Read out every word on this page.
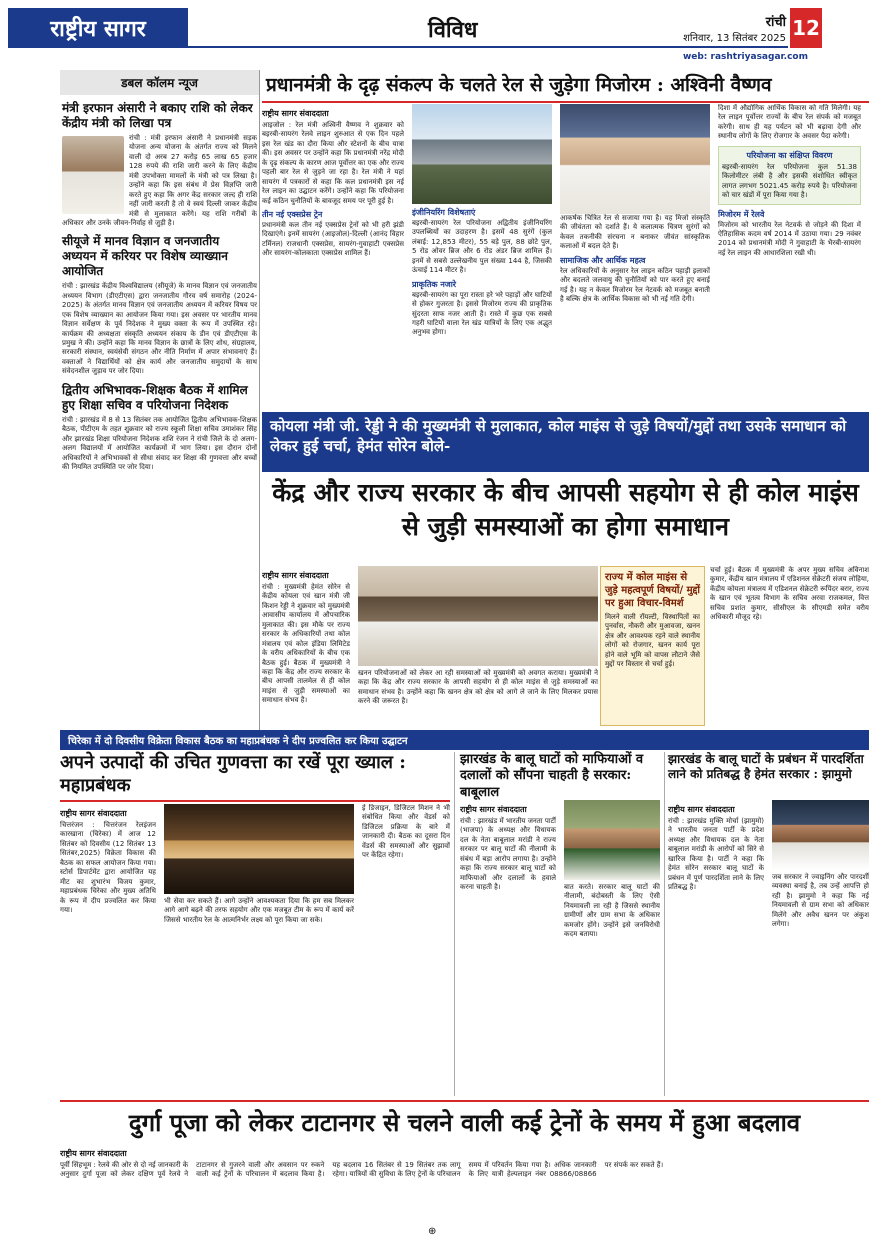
राष्ट्रीय सागर	विविध	रांची
शनिवार, 13 सितंबर 2025
web: rashtriyasagar.com
12
डबल कॉलम न्यूज
मंत्री इरफान अंसारी ने बकाए राशि को लेकर केंद्रीय मंत्री को लिखा पत्र

रांची : मंत्री इरफान अंसारी ने प्रधानमंत्री सड़क योजना अन्य योजना के अंतर्गत राज्य को मिलने वाली दो अरब 27 करोड़ 65 लाख 65 हजार 128 रुपये की राशि जारी करने के लिए केंद्रीय मंत्री उपभोक्ता मामलों के मंत्री को पत्र लिखा है। उन्होंने कहा कि इस संबंध में प्रेस विज्ञप्ति जारी करते हुए कहा कि अगर केंद्र सरकार जल्द ही राशि नहीं जारी करती है तो वे स्वयं दिल्ली जाकर केंद्रीय मंत्री से मुलाकात करेंगे। यह राशि गरीबों के अधिकार और उनके जीवन-निर्वाह से जुड़ी है।

सीयूजे में मानव विज्ञान व जनजातीय अध्ययन में करियर पर विशेष व्याख्यान आयोजित

रांची : झारखंड केंद्रीय विश्वविद्यालय (सीयूजे) के मानव विज्ञान एवं जनजातीय अध्ययन विभाग (डीएटीएस) द्वारा जनजातीय गौरव वर्ष समारोह (2024-2025) के अंतर्गत मानव विज्ञान एवं जनजातीय अध्ययन में करियर विषय पर एक विशेष व्याख्यान का आयोजन किया गया। इस अवसर पर भारतीय मानव विज्ञान सर्वेक्षण के पूर्व निदेशक ने मुख्य वक्ता के रूप में उपस्थित रहे। कार्यक्रम की अध्यक्षता संस्कृति अध्ययन संकाय के डीन एवं डीएटीएस के प्रमुख ने की। उन्होंने कहा कि मानव विज्ञान के छात्रों के लिए शोध, संग्रहालय, सरकारी संस्थान, स्वयंसेवी संगठन और नीति निर्माण में अपार संभावनाएं हैं। वक्ताओं ने विद्यार्थियों को क्षेत्र कार्य और जनजातीय समुदायों के साथ संवेदनशील जुड़ाव पर जोर दिया।

द्वितीय अभिभावक-शिक्षक बैठक में शामिल हुए शिक्षा सचिव व परियोजना निदेशक

रांची : झारखंड में 8 से 13 सितंबर तक आयोजित द्वितीय अभिभावक-शिक्षक बैठक, पीटीएम के तहत शुक्रवार को राज्य स्कूली शिक्षा सचिव उमाशंकर सिंह और झारखंड शिक्षा परियोजना निदेशक शशि रंजन ने रांची जिले के दो अलग-अलग विद्यालयों में आयोजित कार्यक्रमों में भाग लिया। इस दौरान दोनों अधिकारियों ने अभिभावकों से सीधा संवाद कर शिक्षा की गुणवत्ता और बच्चों की नियमित उपस्थिति पर जोर दिया।

प्रधानमंत्री के दृढ़ संकल्प के चलते रेल से जुड़ेगा मिजोरम : अश्विनी वैष्णव
राष्ट्रीय सागर संवाददाता

आइजोल : रेल मंत्री अश्विनी वैष्णव ने शुक्रवार को बइरबी-सायरंग रेलवे लाइन शुरुआत से एक दिन पहले इस रेल खंड का दौरा किया और स्टेशनों के बीच यात्रा की। इस अवसर पर उन्होंने कहा कि प्रधानमंत्री नरेंद्र मोदी के दृढ़ संकल्प के कारण आज पूर्वोत्तर का एक और राज्य पहली बार रेल से जुड़ने जा रहा है। रेल मंत्री ने यहां सायरंग में पत्रकारों से कहा कि कल प्रधानमंत्री इस नई रेल लाइन का उद्घाटन करेंगे। उन्होंने कहा कि परियोजना कई कठिन चुनौतियों के बावजूद समय पर पूरी हुई है।

तीन नई एक्सप्रेस ट्रेन

प्रधानमंत्री कल तीन नई एक्सप्रेस ट्रेनों को भी हरी झंडी दिखाएंगे। इनमें सायरंग (आइजोल)-दिल्ली (आनंद विहार टर्मिनल) राजधानी एक्सप्रेस, सायरंग-गुवाहाटी एक्सप्रेस और सायरंग-कोलकाता एक्सप्रेस शामिल हैं।

इंजीनियरिंग विशेषताएं

बइरबी-सायरंग रेल परियोजना अद्वितीय इंजीनियरिंग उपलब्धियों का उदाहरण है। इसमें 48 सुरंगें (कुल लंबाई: 12,853 मीटर), 55 बड़े पुल, 88 छोटे पुल, 5 रोड ओवर ब्रिज और 6 रोड अंडर ब्रिज शामिल हैं। इनमें से सबसे उल्लेखनीय पुल संख्या 144 है, जिसकी ऊंचाई 114 मीटर है।

प्राकृतिक नजारे

बइरबी-सायरंग का पूरा रास्ता हरे भरे पहाड़ों और घाटियों से होकर गुजरता है। इससे मिजोरम राज्य की प्राकृतिक सुंदरता साफ नजर आती है। रास्ते में कुछ एक सबसे गहरी घाटियों वाला रेल खंड यात्रियों के लिए एक अद्भुत अनुभव होगा।

आकर्षक चित्रित रेल से सजाया गया है। यह मिजो संस्कृति की जीवंतता को दर्शाते हैं। ये कलात्मक चित्रण सुरंगों को केवल तकनीकी संरचना न बनाकर जीवंत सांस्कृतिक कलाओं में बदल देते हैं।

सामाजिक और आर्थिक महत्व

रेल अधिकारियों के अनुसार रेल लाइन कठिन पहाड़ी इलाकों और बदलते जलवायु की चुनौतियों को पार करते हुए बनाई गई है। यह न केवल मिजोरम रेल नेटवर्क को मजबूत बनाती है बल्कि क्षेत्र के आर्थिक विकास को भी नई गति देगी।

दिशा में औद्योगिक आर्थिक विकास को गति मिलेगी। यह रेल लाइन पूर्वोत्तर राज्यों के बीच रेल संपर्क को मजबूत करेगी। साथ ही यह पर्यटन को भी बढ़ावा देगी और स्थानीय लोगों के लिए रोजगार के अवसर पैदा करेगी।

परियोजना का संक्षिप्त विवरण

बइरबी-सायरंग रेल परियोजना कुल 51.38 किलोमीटर लंबी है और इसकी संशोधित स्वीकृत लागत लगभग 5021.45 करोड़ रुपये है। परियोजना को चार खंडों में पूरा किया गया है।

मिजोरम में रेलवे

मिजोरम को भारतीय रेल नेटवर्क से जोड़ने की दिशा में ऐतिहासिक कदम वर्ष 2014 में उठाया गया। 29 नवंबर 2014 को प्रधानमंत्री मोदी ने गुवाहाटी के भैरबी-सायरंग नई रेल लाइन की आधारशिला रखी थी।

कोयला मंत्री जी. रेड्डी ने की मुख्यमंत्री से मुलाकात, कोल माइंस से जुड़े विषयों/मुद्दों तथा उसके समाधान को लेकर हुई चर्चा, हेमंत सोरेन बोले-
केंद्र और राज्य सरकार के बीच आपसी सहयोग से ही कोल माइंस से जुड़ी समस्याओं का होगा समाधान
राष्ट्रीय सागर संवाददाता

रांची : मुख्यमंत्री हेमंत सोरेन से केंद्रीय कोयला एवं खान मंत्री जी किशन रेड्डी ने शुक्रवार को मुख्यमंत्री आवासीय कार्यालय में औपचारिक मुलाकात की। इस मौके पर राज्य सरकार के अधिकारियों तथा कोल मंत्रालय एवं कोल इंडिया लिमिटेड के वरीय अधिकारियों के बीच एक बैठक हुई। बैठक में मुख्यमंत्री ने कहा कि केंद्र और राज्य सरकार के बीच आपसी तालमेल से ही कोल माइंस से जुड़ी समस्याओं का समाधान संभव है।

खनन परियोजनाओं को लेकर आ रही समस्याओं को मुख्यमंत्री को अवगत कराया। मुख्यमंत्री ने कहा कि केंद्र और राज्य सरकार के आपसी सहयोग से ही कोल माइंस से जुड़े समस्याओं का समाधान संभव है। उन्होंने कहा कि खनन क्षेत्र को क्षेत्र को आगे ले जाने के लिए मिलकर प्रयास करने की जरूरत है।

राज्य में कोल माइंस से जुड़े महत्वपूर्ण विषयों/ मुद्दों पर हुआ विचार-विमर्श

मिलने वाली रॉयल्टी, विस्थापितों का पुनर्वास, नौकरी और मुआवजा, खनन क्षेत्र और आवश्यक रहने वाले स्थानीय लोगों को रोजगार, खनन कार्य पूरा होने वाले भूमि को वापस लौटाने जैसे मुद्दों पर विस्तार से चर्चा हुई।

चर्चा हुई। बैठक में मुख्यमंत्री के अपर मुख्य सचिव अविनाश कुमार, केंद्रीय खान मंत्रालय में एडिशनल सेक्रेटरी संजय लोहिया, केंद्रीय कोयला मंत्रालय में एडिशनल सेक्रेटरी रूपिंदर बरार, राज्य के खान एवं भूतत्व विभाग के सचिव अरवा राजकमल, वित्त सचिव प्रशांत कुमार, सीसीएल के सीएमडी समेत वरीय अधिकारी मौजूद रहे।

चिरेका में दो दिवसीय विक्रेता विकास बैठक का महाप्रबंधक ने दीप प्रज्वलित कर किया उद्घाटन
अपने उत्पादों की उचित गुणवत्ता का रखें पूरा ख्याल : महाप्रबंधक
राष्ट्रीय सागर संवाददाता

चित्तरंजन : चित्तरंजन रेलइंजन कारखाना (चिरेका) में आज 12 सितंबर को दिवसीय (12 सितंबर 13 सितंबर,2025) विक्रेता विकास की बैठक का सफल आयोजन किया गया। स्टोर्स डिपार्टमेंट द्वारा आयोजित यह मीट का शुभारंभ विजय कुमार, महाप्रबंधक चिरेका और मुख्य अतिथि के रूप में दीप प्रज्वलित कर किया गया।

भी सेवा कर सकते हैं। आगे उन्होंने आवश्यकता दिया कि हम सब मिलकर आगे आगे बढ़ने की तरफ सहयोग और एक मजबूत टीम के रूप में कार्य करें जिससे भारतीय रेल के आत्मनिर्भर लक्ष्य को पूरा किया जा सके।

ई डिजाइन, डिजिटल मिशन ने भी संबोधित किया और वेंडर्स को डिजिटल प्रक्रिया के बारे में जानकारी दी। बैठक का दूसरा दिन वेंडर्स की समस्याओं और सुझावों पर केंद्रित रहेगा।

झारखंड के बालू घाटों को माफियाओं व दलालों को सौंपना चाहती है सरकार: बाबूलाल
राष्ट्रीय सागर संवाददाता

रांची : झारखंड में भारतीय जनता पार्टी (भाजपा) के अध्यक्ष और विधायक दल के नेता बाबूलाल मरांडी ने राज्य सरकार पर बालू घाटों की नीलामी के संबंध में बड़ा आरोप लगाया है। उन्होंने कहा कि राज्य सरकार बालू घाटों को माफियाओं और दलालों के हवाले करना चाहती है।	बात करते। सरकार बालू घाटों की नीलामी, बंदोबस्ती के लिए ऐसी नियमावली ला रही है जिससे स्थानीय ग्रामीणों और ग्राम सभा के अधिकार कमजोर होंगे। उन्होंने इसे जनविरोधी कदम बताया।

झारखंड के बालू घाटों के प्रबंधन में पारदर्शिता लाने को प्रतिबद्ध है हेमंत सरकार : झामुमो
राष्ट्रीय सागर संवाददाता

रांची : झारखंड मुक्ति मोर्चा (झामुमो) ने भारतीय जनता पार्टी के प्रदेश अध्यक्ष और विधायक दल के नेता बाबूलाल मरांडी के आरोपों को सिरे से खारिज किया है। पार्टी ने कहा कि हेमंत सोरेन सरकार बालू घाटों के प्रबंधन में पूर्ण पारदर्शिता लाने के लिए प्रतिबद्ध है।

जब सरकार ने ज्वाइनिंग और पारदर्शी व्यवस्था बनाई है, तब उन्हें आपत्ति हो रही है। झामुमो ने कहा कि नई नियमावली से ग्राम सभा को अधिकार मिलेंगे और अवैध खनन पर अंकुश लगेगा।

दुर्गा पूजा को लेकर टाटानगर से चलने वाली कई ट्रेनों के समय में हुआ बदलाव
राष्ट्रीय सागर संवाददाता

पूर्वी सिंहभूम : रेलवे की ओर से दो नई जानकारी के अनुसार दुर्गा पूजा को लेकर दक्षिण पूर्व रेलवे ने टाटानगर से गुजरने वाली और अवसान पर रुकने वाली कई ट्रेनों के परिचालन में बदलाव किया है। यह बदलाव 16 सितंबर से 19 सितंबर तक लागू रहेगा। यात्रियों की सुविधा के लिए ट्रेनों के परिचालन समय में परिवर्तन किया गया है। अधिक जानकारी के लिए यात्री हेल्पलाइन नंबर 08866/08866 पर संपर्क कर सकते हैं।

⊕
